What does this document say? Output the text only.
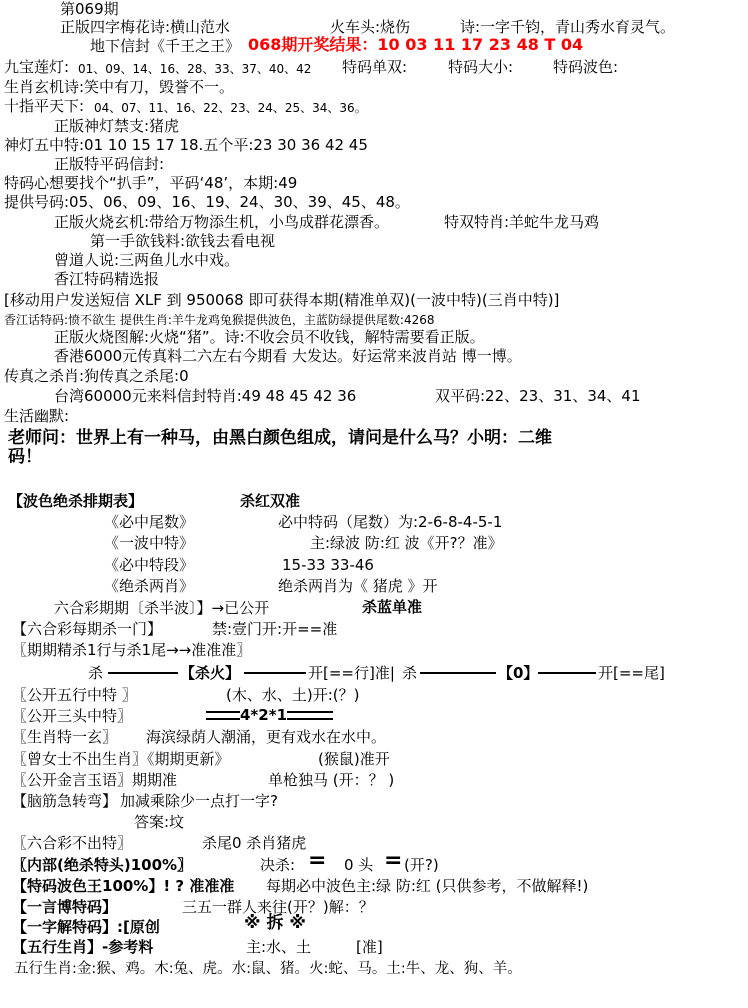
第069期
正版四字梅花诗:横山范水	火车头:烧伤	诗:一字千钧，青山秀水育灵气。
地下信封《千王之王》 068期开奖结果：10 03 11 17 23 48 T 04
九宝莲灯: 01、09、14、16、28、33、37、40、42 特码单双:	特码大小:	特码波色:
生肖玄机诗:笑中有刀，毁誉不一。
十指平天下: 04、07、11、16、22、23、24、25、34、36。
正版神灯禁支:猪虎
神灯五中特:01 10 15 17 18.五个平:23 30 36 42 45
正版特平码信封:
特码心想要找个“扒手”，平码‘48’，本期:49
提供号码:05、06、09、16、19、24、30、39、45、48。
正版火烧玄机:带给万物添生机，小鸟成群花漂香。	特双特肖:羊蛇牛龙马鸡
第一手欲钱料:欲钱去看电视
曾道人说:三两鱼儿水中戏。
香江特码精选报
[移动用户发送短信 XLF 到 950068 即可获得本期(精准单双)(一波中特)(三肖中特)]
香江话特码:愤不欲生 提供生肖:羊牛龙鸡兔猴提供波色，主蓝防绿提供尾数:4268
正版火烧图解:火烧“猪”。诗:不收会员不收钱，解特需要看正版。
香港6000元传真料二六左右今期看 大发达。好运常来波肖站 博一博。
传真之杀肖:狗传真之杀尾:0
台湾60000元来料信封特肖:49 48 45 42 36	双平码:22、23、31、34、41
生活幽默:
老师问：世界上有一种马，由黑白颜色组成，请问是什么马？小明：二维
码！
【波色绝杀排期表】	杀红双准
《必中尾数》	必中特码（尾数）为:2-6-8-4-5-1
《一波中特》	主:绿波 防:红 波《开?？准》
《必中特段》	15-33 33-46
《绝杀两肖》	绝杀两肖为《 猪虎 》开
六合彩期期〔杀半波〕】→已公开	杀蓝单准
【六合彩每期杀一门】	禁:壹门开:开==准
〖期期精杀1行与杀1尾→→准准准〗
杀	【杀火】	开[==行]准| 杀	【0】	开[==尾]
〖公开五行中特 〗	(木、水、土)开:(？)
〖公开三头中特〗	4*2*1
〖生肖特一玄〗 海滨绿荫人潮涌，更有戏水在水中。
〖曾女士不出生肖〗《期期更新》	(猴鼠)准开
〖公开金言玉语〗期期准	单枪独马 (开：？ )
【脑筋急转弯】 加减乘除少一点打一字?
答案:坟
〖六合彩不出特〗	杀尾0 杀肖猪虎
〖内部(绝杀特头)100%〗	决杀: = 0 头 = (开?)
【特码波色王100%】! ? 准准准 每期必中波色主:绿 防:红 (只供参考，不做解释!)
【一言博特码】	三五一群人来往(开？)解：？
【一字解特码】:[原创	※ 拆 ※
【五行生肖】-参考料	主:水、土	[准]
五行生肖:金:猴、鸡。木:兔、虎。水:鼠、猪。火:蛇、马。土:牛、龙、狗、羊。
